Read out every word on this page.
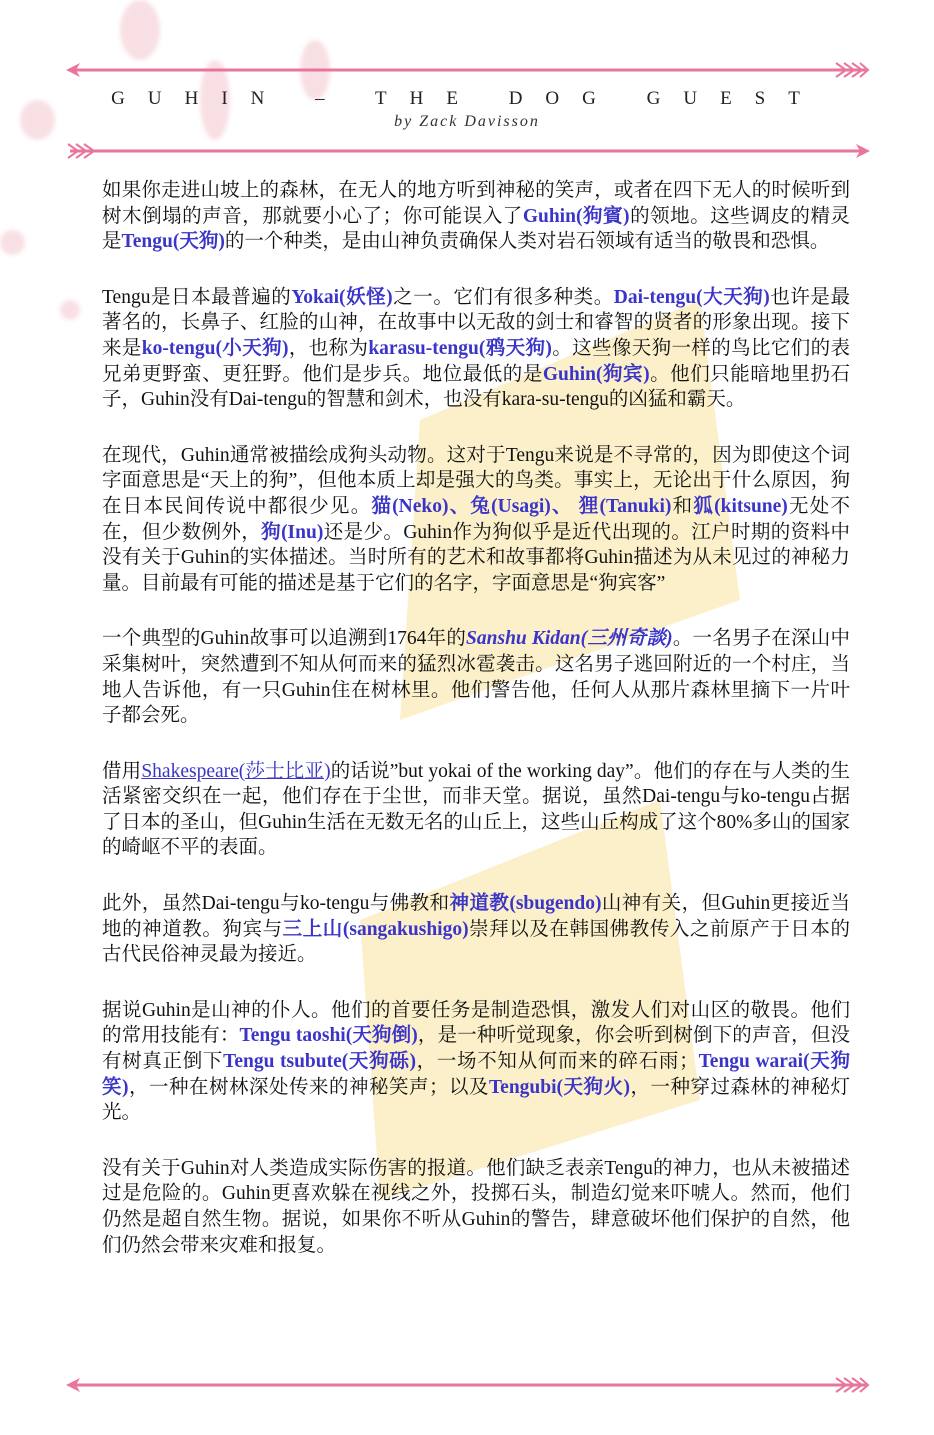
GUHIN – THE DOG GUEST
by Zack Davisson

如果你走进山坡上的森林，在无人的地方听到神秘的笑声，或者在四下无人的时候听到树木倒塌的声音，那就要小心了；你可能误入了Guhin(狗賓)的领地。这些调皮的精灵是Tengu(天狗)的一个种类，是由山神负责确保人类对岩石领域有适当的敬畏和恐惧。

Tengu是日本最普遍的Yokai(妖怪)之一。它们有很多种类。Dai-tengu(大天狗)也许是最著名的，长鼻子、红脸的山神，在故事中以无敌的剑士和睿智的贤者的形象出现。接下来是ko-tengu(小天狗)，也称为karasu-tengu(鸦天狗)。这些像天狗一样的鸟比它们的表兄弟更野蛮、更狂野。他们是步兵。地位最低的是Guhin(狗宾)。他们只能暗地里扔石子，Guhin没有Dai-tengu的智慧和剑术，也没有kara-su-tengu的凶猛和霸天。

在现代，Guhin通常被描绘成狗头动物。这对于Tengu来说是不寻常的，因为即使这个词字面意思是“天上的狗”，但他本质上却是强大的鸟类。事实上，无论出于什么原因，狗在日本民间传说中都很少见。猫(Neko)、兔(Usagi)、 狸(Tanuki)和狐(kitsune)无处不在，但少数例外，狗(Inu)还是少。Guhin作为狗似乎是近代出现的。江户时期的资料中没有关于Guhin的实体描述。当时所有的艺术和故事都将Guhin描述为从未见过的神秘力量。目前最有可能的描述是基于它们的名字，字面意思是“狗宾客”

一个典型的Guhin故事可以追溯到1764年的Sanshu Kidan(三州奇談)。一名男子在深山中采集树叶，突然遭到不知从何而来的猛烈冰雹袭击。这名男子逃回附近的一个村庄，当地人告诉他，有一只Guhin住在树林里。他们警告他，任何人从那片森林里摘下一片叶子都会死。

借用Shakespeare(莎士比亚)的话说”but yokai of the working day”。他们的存在与人类的生活紧密交织在一起，他们存在于尘世，而非天堂。据说，虽然Dai-tengu与ko-tengu占据了日本的圣山，但Guhin生活在无数无名的山丘上，这些山丘构成了这个80%多山的国家的崎岖不平的表面。

此外，虽然Dai-tengu与ko-tengu与佛教和神道教(sbugendo)山神有关，但Guhin更接近当地的神道教。狗宾与三上山(sangakushigo)崇拜以及在韩国佛教传入之前原产于日本的古代民俗神灵最为接近。

据说Guhin是山神的仆人。他们的首要任务是制造恐惧，激发人们对山区的敬畏。他们的常用技能有：Tengu taoshi(天狗倒)，是一种听觉现象，你会听到树倒下的声音，但没有树真正倒下Tengu tsubute(天狗砾)，一场不知从何而来的碎石雨；Tengu warai(天狗笑)，一种在树林深处传来的神秘笑声；以及Tengubi(天狗火)，一种穿过森林的神秘灯光。

没有关于Guhin对人类造成实际伤害的报道。他们缺乏表亲Tengu的神力，也从未被描述过是危险的。Guhin更喜欢躲在视线之外，投掷石头，制造幻觉来吓唬人。然而，他们仍然是超自然生物。据说，如果你不听从Guhin的警告，肆意破坏他们保护的自然，他们仍然会带来灾难和报复。
